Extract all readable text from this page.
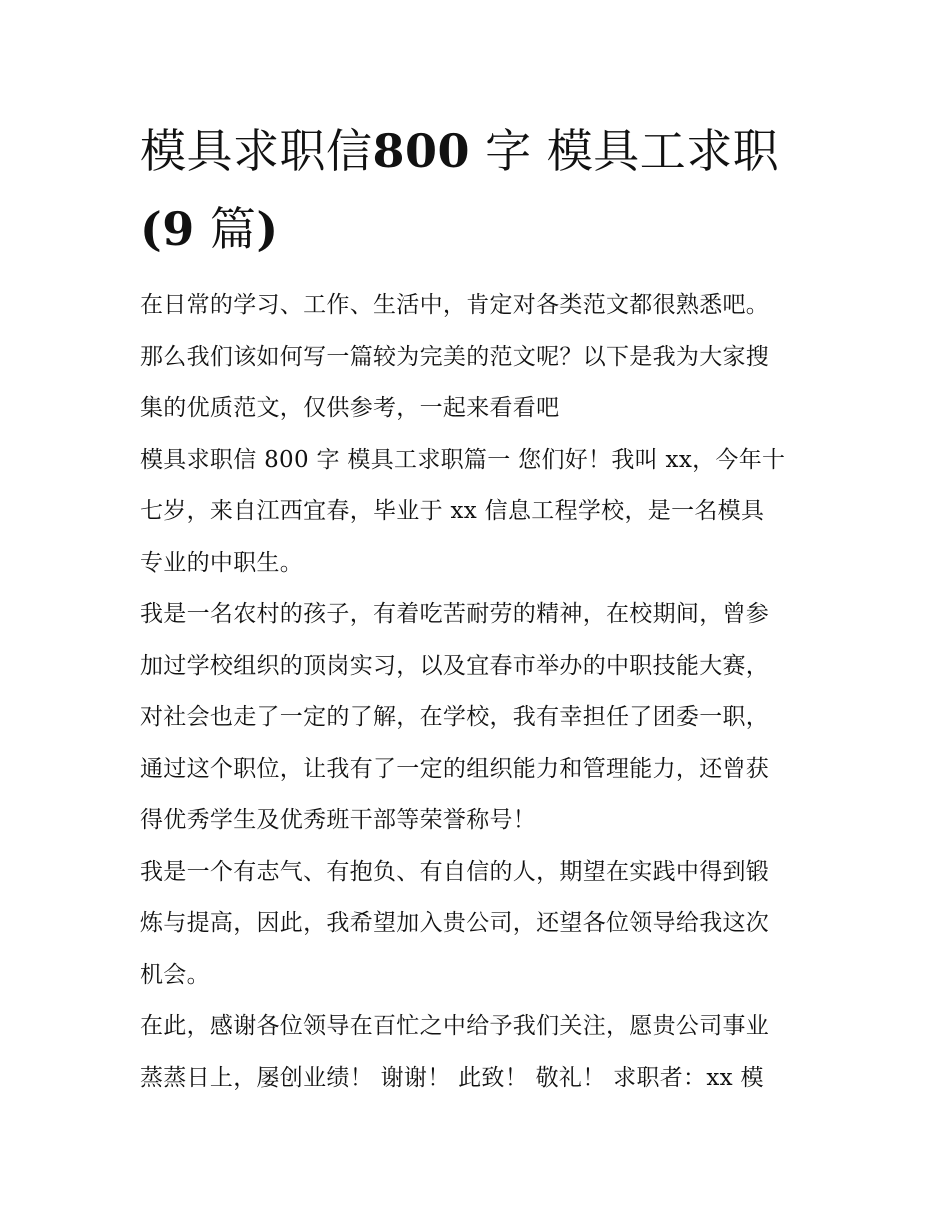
模具求职信800 字 模具工求职
(9 篇)

在日常的学习、工作、生活中，肯定对各类范文都很熟悉吧。
那么我们该如何写一篇较为完美的范文呢？以下是我为大家搜
集的优质范文，仅供参考，一起来看看吧

模具求职信 800 字 模具工求职篇一 您们好！我叫 xx，今年十
七岁，来自江西宜春，毕业于 xx 信息工程学校，是一名模具
专业的中职生。

我是一名农村的孩子，有着吃苦耐劳的精神，在校期间，曾参
加过学校组织的顶岗实习，以及宜春市举办的中职技能大赛，
对社会也走了一定的了解，在学校，我有幸担任了团委一职，
通过这个职位，让我有了一定的组织能力和管理能力，还曾获
得优秀学生及优秀班干部等荣誉称号！

我是一个有志气、有抱负、有自信的人，期望在实践中得到锻
炼与提高，因此，我希望加入贵公司，还望各位领导给我这次
机会。

在此，感谢各位领导在百忙之中给予我们关注，愿贵公司事业
蒸蒸日上，屡创业绩！ 谢谢！ 此致！ 敬礼！ 求职者：xx 模
